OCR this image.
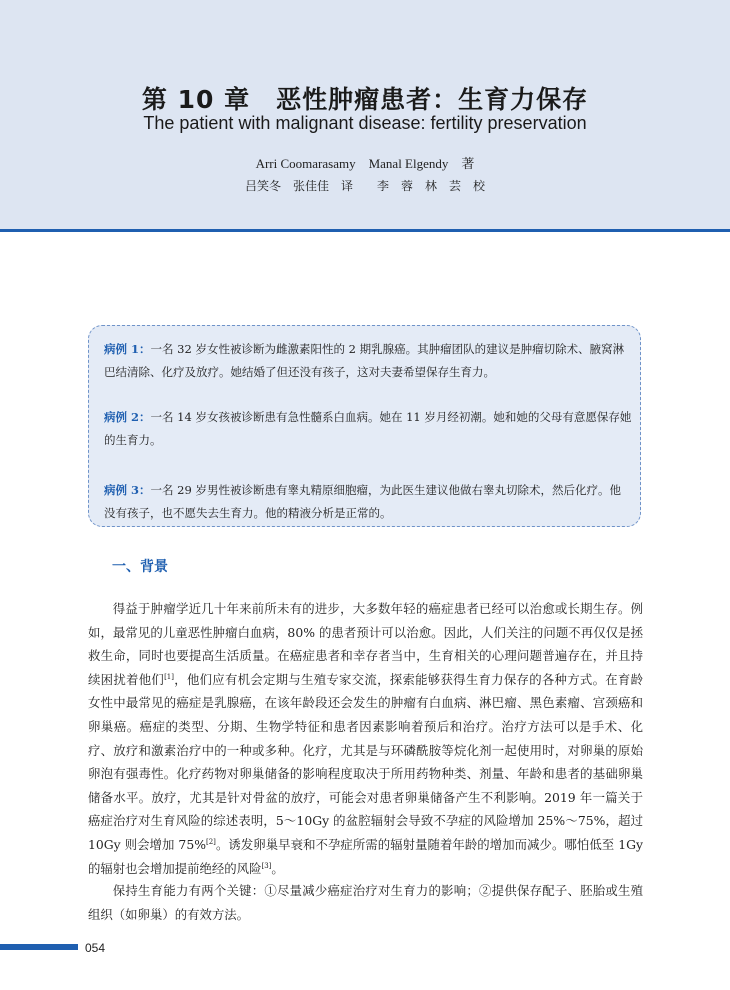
第 10 章　恶性肿瘤患者：生育力保存
The patient with malignant disease: fertility preservation
Arri Coomarasamy　Manal Elgendy　著
吕笑冬　张佳佳　译　　李　蓉　林　芸　校
病例 1：一名 32 岁女性被诊断为雌激素阳性的 2 期乳腺癌。其肿瘤团队的建议是肿瘤切除术、腋窝淋巴结清除、化疗及放疗。她结婚了但还没有孩子，这对夫妻希望保存生育力。
病例 2：一名 14 岁女孩被诊断患有急性髓系白血病。她在 11 岁月经初潮。她和她的父母有意愿保存她的生育力。
病例 3：一名 29 岁男性被诊断患有睾丸精原细胞瘤，为此医生建议他做右睾丸切除术，然后化疗。他没有孩子，也不愿失去生育力。他的精液分析是正常的。
一、背景
得益于肿瘤学近几十年来前所未有的进步，大多数年轻的癌症患者已经可以治愈或长期生存。例如，最常见的儿童恶性肿瘤白血病，80% 的患者预计可以治愈。因此，人们关注的问题不再仅仅是拯救生命，同时也要提高生活质量。在癌症患者和幸存者当中，生育相关的心理问题普遍存在，并且持续困扰着他们[1]，他们应有机会定期与生殖专家交流，探索能够获得生育力保存的各种方式。在育龄女性中最常见的癌症是乳腺癌，在该年龄段还会发生的肿瘤有白血病、淋巴瘤、黑色素瘤、宫颈癌和卵巢癌。癌症的类型、分期、生物学特征和患者因素影响着预后和治疗。治疗方法可以是手术、化疗、放疗和激素治疗中的一种或多种。化疗，尤其是与环磷酰胺等烷化剂一起使用时，对卵巢的原始卵泡有强毒性。化疗药物对卵巢储备的影响程度取决于所用药物种类、剂量、年龄和患者的基础卵巢储备水平。放疗，尤其是针对骨盆的放疗，可能会对患者卵巢储备产生不利影响。2019 年一篇关于癌症治疗对生育风险的综述表明，5～10Gy 的盆腔辐射会导致不孕症的风险增加 25%～75%，超过 10Gy 则会增加 75%[2]。诱发卵巢早衰和不孕症所需的辐射量随着年龄的增加而减少。哪怕低至 1Gy 的辐射也会增加提前绝经的风险[3]。
保持生育能力有两个关键：①尽量减少癌症治疗对生育力的影响；②提供保存配子、胚胎或生殖组织（如卵巢）的有效方法。
054
